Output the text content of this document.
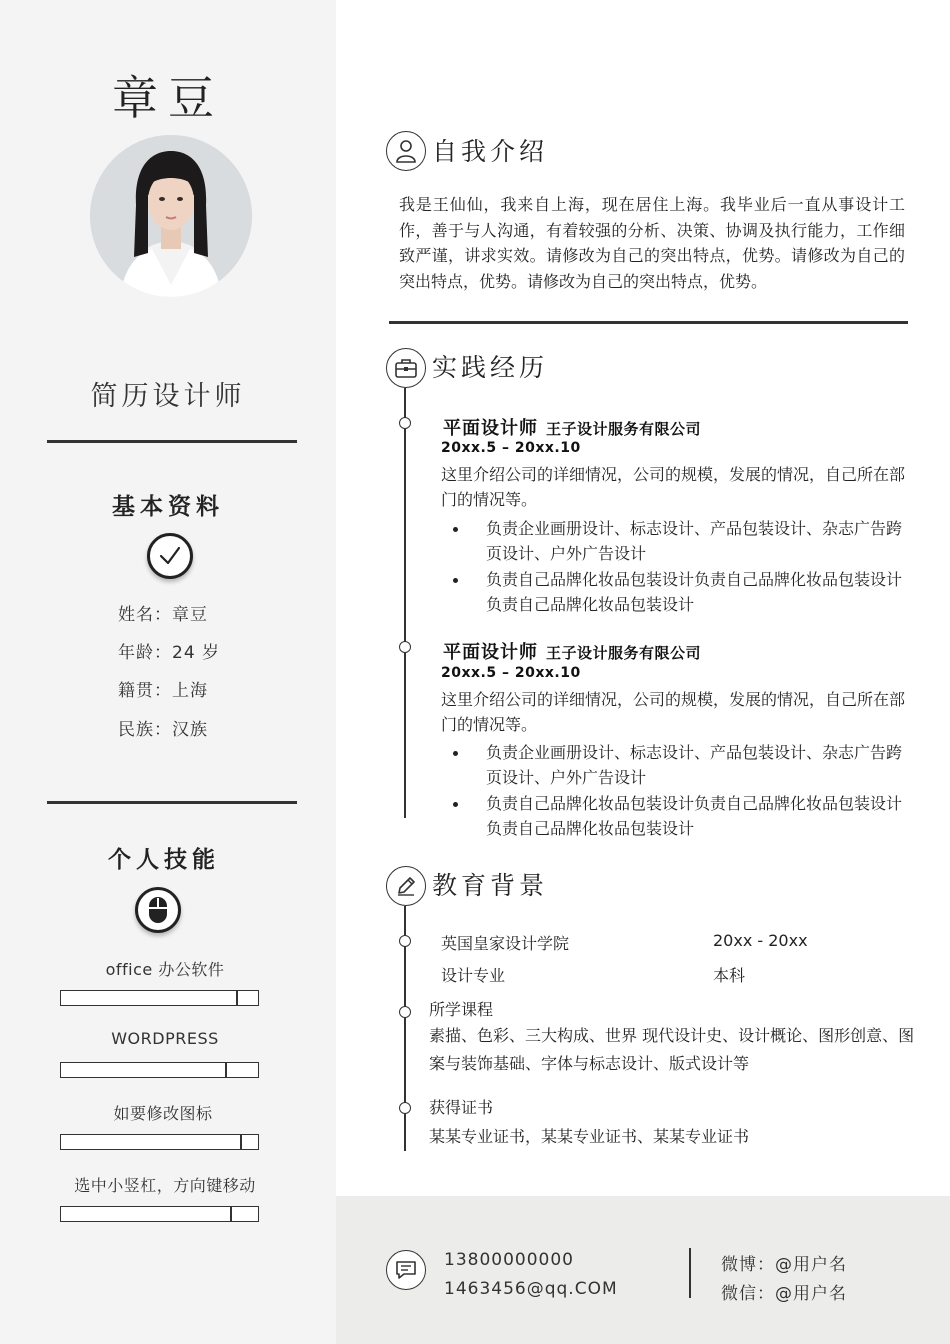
章豆
简历设计师
基本资料
姓名：章豆
年龄：24 岁
籍贯：上海
民族：汉族
个人技能
office 办公软件
WORDPRESS
如要修改图标
选中小竖杠，方向键移动
自我介绍
我是王仙仙，我来自上海，现在居住上海。我毕业后一直从事设计工作，善于与人沟通，有着较强的分析、决策、协调及执行能力，工作细致严谨，讲求实效。请修改为自己的突出特点，优势。请修改为自己的突出特点，优势。请修改为自己的突出特点，优势。
实践经历
平面设计师 王子设计服务有限公司
20xx.5 – 20xx.10
这里介绍公司的详细情况，公司的规模，发展的情况，自己所在部门的情况等。
负责企业画册设计、标志设计、产品包装设计、杂志广告跨页设计、户外广告设计
负责自己品牌化妆品包装设计负责自己品牌化妆品包装设计负责自己品牌化妆品包装设计
平面设计师 王子设计服务有限公司
20xx.5 – 20xx.10
这里介绍公司的详细情况，公司的规模，发展的情况，自己所在部门的情况等。
负责企业画册设计、标志设计、产品包装设计、杂志广告跨页设计、户外广告设计
负责自己品牌化妆品包装设计负责自己品牌化妆品包装设计负责自己品牌化妆品包装设计
教育背景
英国皇家设计学院	20xx - 20xx
设计专业	本科
所学课程
素描、色彩、三大构成、世界 现代设计史、设计概论、图形创意、图案与装饰基础、字体与标志设计、版式设计等
获得证书
某某专业证书，某某专业证书、某某专业证书
13800000000
1463456@qq.COM
微博：@用户名
微信：@用户名
